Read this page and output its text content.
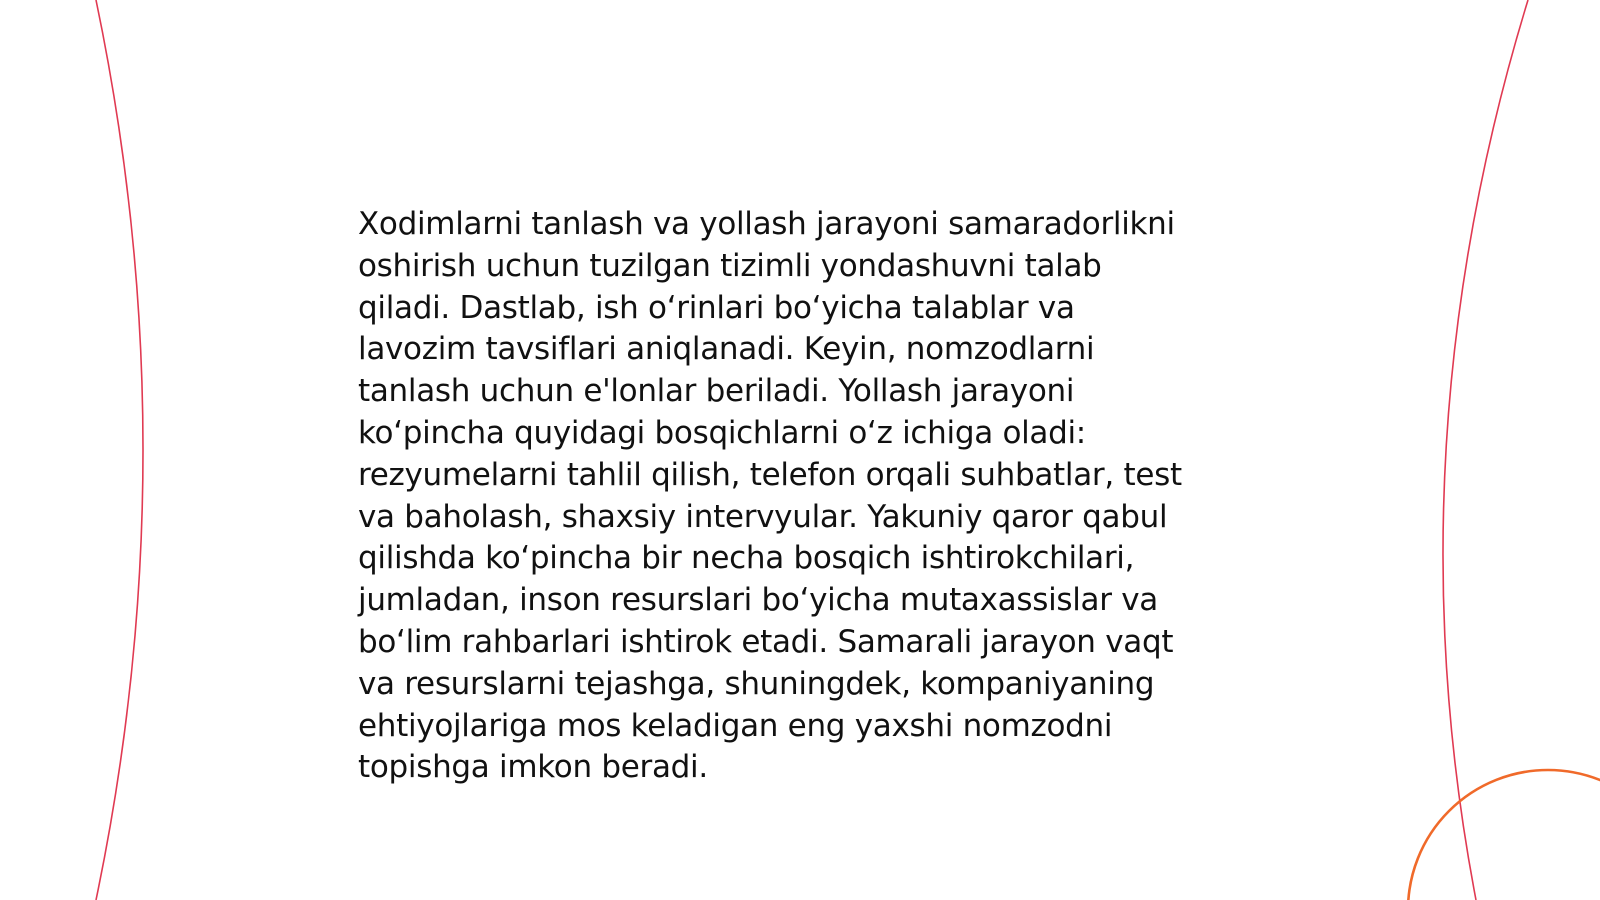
Xodimlarni tanlash va yollash jarayoni samaradorlikni
oshirish uchun tuzilgan tizimli yondashuvni talab
qiladi. Dastlab, ish o‘rinlari bo‘yicha talablar va
lavozim tavsiflari aniqlanadi. Keyin, nomzodlarni
tanlash uchun e'lonlar beriladi. Yollash jarayoni
ko‘pincha quyidagi bosqichlarni o‘z ichiga oladi:
rezyumelarni tahlil qilish, telefon orqali suhbatlar, test
va baholash, shaxsiy intervyular. Yakuniy qaror qabul
qilishda ko‘pincha bir necha bosqich ishtirokchilari,
jumladan, inson resurslari bo‘yicha mutaxassislar va
bo‘lim rahbarlari ishtirok etadi. Samarali jarayon vaqt
va resurslarni tejashga, shuningdek, kompaniyaning
ehtiyojlariga mos keladigan eng yaxshi nomzodni
topishga imkon beradi.
